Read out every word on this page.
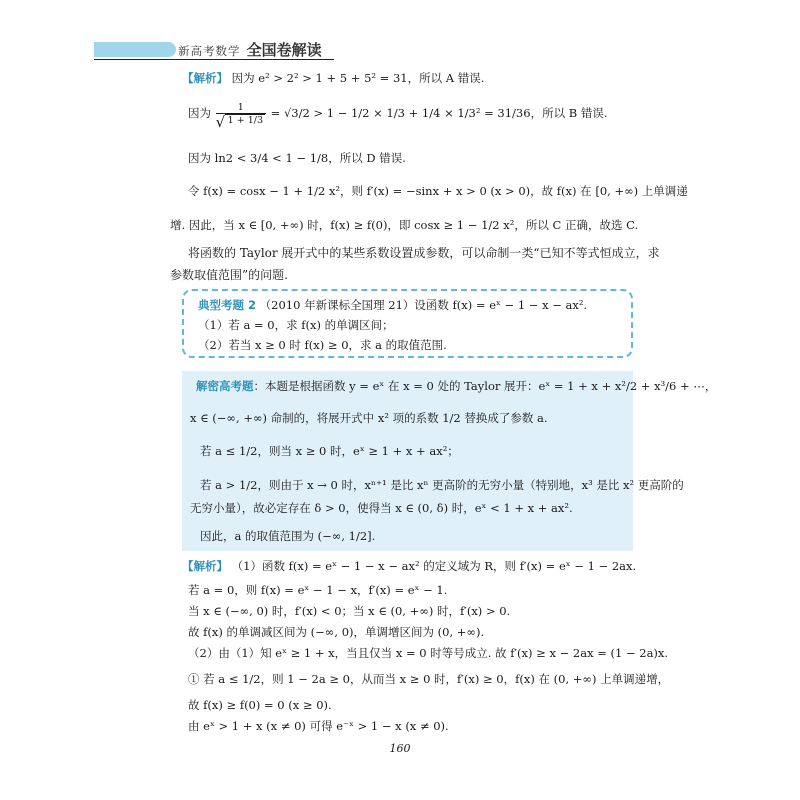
新高考数学 全国卷解读
【解析】 因为 e² > 2² > 1 + 5 + 5² = 31，所以 A 错误.
因为 $\frac{1}{√ 1 + 1/3} = √3/2 > 1 - 1/2 \times 1/3 + 1/4 \times 1/3^2 = 31/36$，所以 B 错误.
因为 ln2 < 3/4 < 1 − 1/8，所以 D 错误.
令 f(x) = cosx − 1 + 1/2 x²，则 f′(x) = −sinx + x > 0 (x > 0)，故 f(x) 在 [0, +∞) 上单调递
增. 因此，当 x ∈ [0, +∞) 时，f(x) ≥ f(0)，即 cosx ≥ 1 − 1/2 x²，所以 C 正确，故选 C.
将函数的 Taylor 展开式中的某些系数设置成参数，可以命制一类“已知不等式恒成立，求
参数取值范围”的问题.
典型考题 2 （2010 年新课标全国理 21）设函数 f(x) = eˣ − 1 − x − ax².
（1）若 a = 0，求 f(x) 的单调区间；
（2）若当 x ≥ 0 时 f(x) ≥ 0，求 a 的取值范围.
解密高考题：本题是根据函数 y = eˣ 在 x = 0 处的 Taylor 展开：eˣ = 1 + x + x²/2 + x³/6 + ⋯，
x ∈ (−∞, +∞) 命制的，将展开式中 x² 项的系数 1/2 替换成了参数 a.
若 a ≤ 1/2，则当 x ≥ 0 时，eˣ ≥ 1 + x + ax²；
若 a > 1/2，则由于 x → 0 时，xⁿ⁺¹ 是比 xⁿ 更高阶的无穷小量（特别地，x³ 是比 x² 更高阶的
无穷小量），故必定存在 δ > 0，使得当 x ∈ (0, δ) 时，eˣ < 1 + x + ax².
因此，a 的取值范围为 (−∞, 1/2].
【解析】 （1）函数 f(x) = eˣ − 1 − x − ax² 的定义域为 R，则 f′(x) = eˣ − 1 − 2ax.
若 a = 0，则 f(x) = eˣ − 1 − x，f′(x) = eˣ − 1.
当 x ∈ (−∞, 0) 时，f′(x) < 0；当 x ∈ (0, +∞) 时，f′(x) > 0.
故 f(x) 的单调减区间为 (−∞, 0)，单调增区间为 (0, +∞).
（2）由（1）知 eˣ ≥ 1 + x，当且仅当 x = 0 时等号成立. 故 f′(x) ≥ x − 2ax = (1 − 2a)x.
① 若 a ≤ 1/2，则 1 − 2a ≥ 0，从而当 x ≥ 0 时，f′(x) ≥ 0，f(x) 在 (0, +∞) 上单调递增，
故 f(x) ≥ f(0) = 0 (x ≥ 0).
由 eˣ > 1 + x (x ≠ 0) 可得 e⁻ˣ > 1 − x (x ≠ 0).
160
